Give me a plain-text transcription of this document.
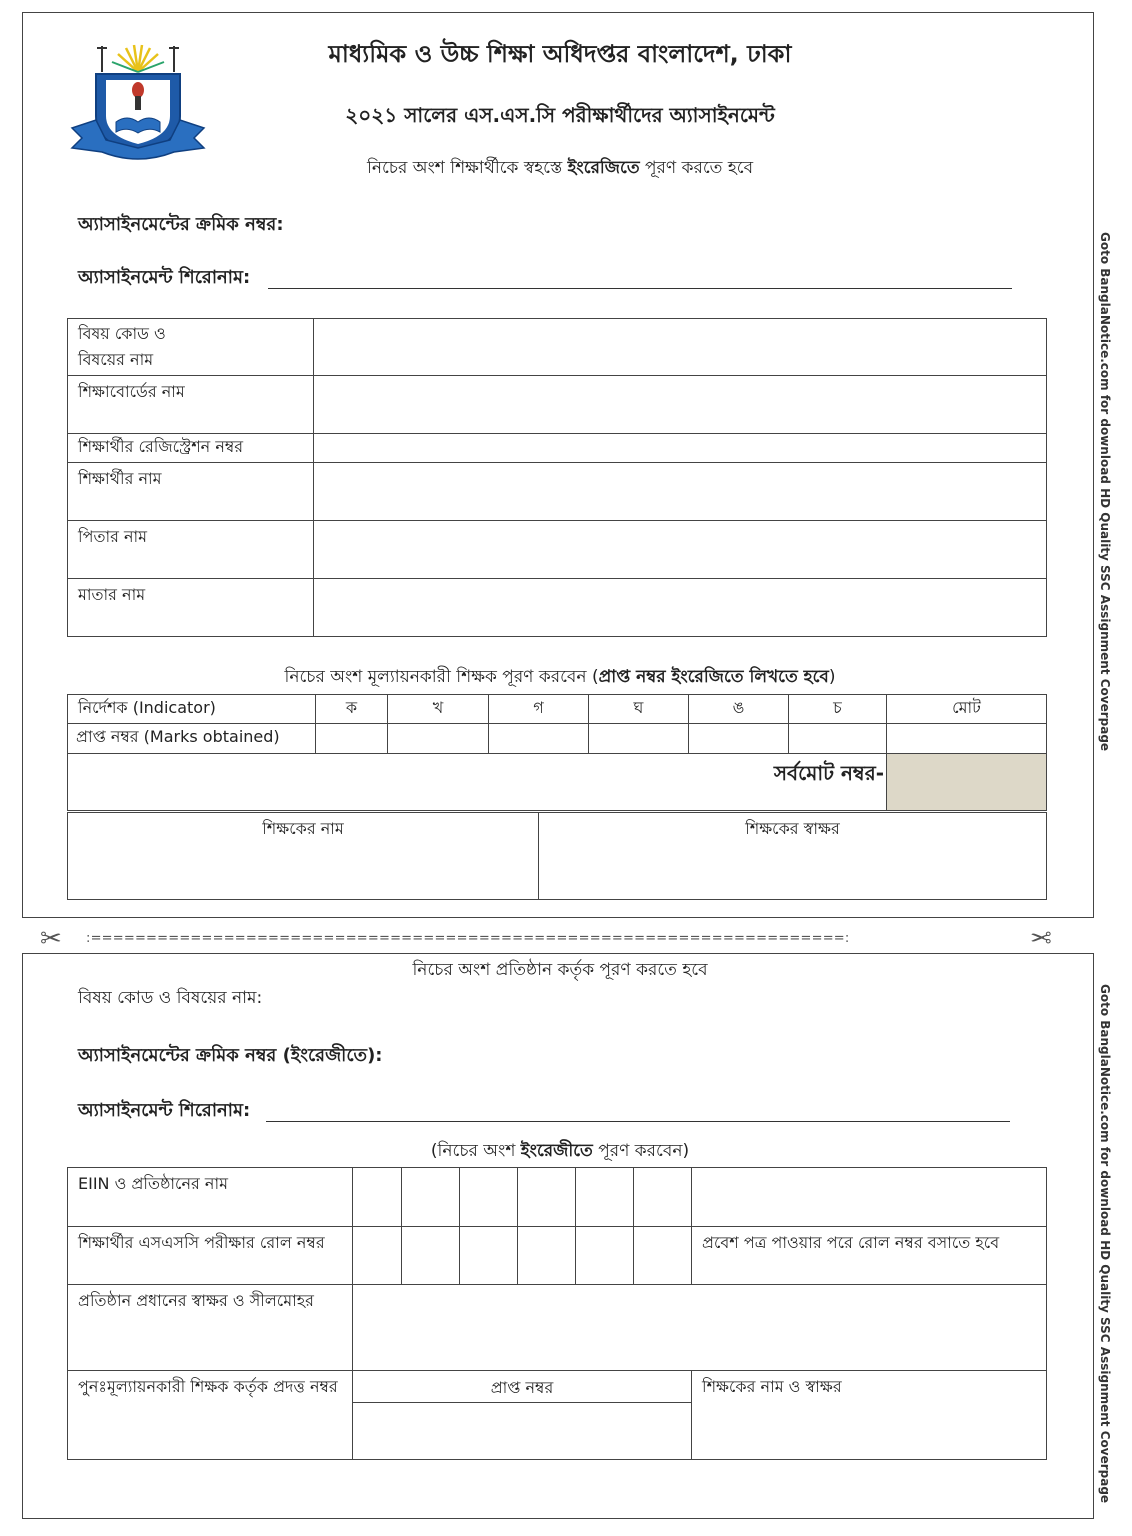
মাধ্যমিক ও উচ্চ শিক্ষা অধিদপ্তর বাংলাদেশ, ঢাকা
২০২১ সালের এস.এস.সি পরীক্ষার্থীদের অ্যাসাইনমেন্ট
নিচের অংশ শিক্ষার্থীকে স্বহস্তে ইংরেজিতে পূরণ করতে হবে
অ্যাসাইনমেন্টের ক্রমিক নম্বর:
অ্যাসাইনমেন্ট শিরোনাম:
বিষয় কোড ও
বিষয়ের নাম	

শিক্ষাবোর্ডের নাম	

শিক্ষার্থীর রেজিস্ট্রেশন নম্বর	

শিক্ষার্থীর নাম	

পিতার নাম	

মাতার নাম	

নিচের অংশ মূল্যায়নকারী শিক্ষক পূরণ করবেন (প্রাপ্ত নম্বর ইংরেজিতে লিখতে হবে)
নির্দেশক (Indicator)	ক	খ	গ	ঘ	ঙ	চ	মোট

প্রাপ্ত নম্বর (Marks obtained)							

সর্বমোট নম্বর-							
শিক্ষকের নাম	শিক্ষকের স্বাক্ষর
Goto BanglaNotice.com for download HD Quality SSC Assignment Coverpage
✂ :====================================================================:	✂
নিচের অংশ প্রতিষ্ঠান কর্তৃক পূরণ করতে হবে
বিষয় কোড ও বিষয়ের নাম:
অ্যাসাইনমেন্টের ক্রমিক নম্বর (ইংরেজীতে):
অ্যাসাইনমেন্ট শিরোনাম:
(নিচের অংশ ইংরেজীতে পূরণ করবেন)
EIIN ও প্রতিষ্ঠানের নাম							

শিক্ষার্থীর এসএসসি পরীক্ষার রোল নম্বর							প্রবেশ পত্র পাওয়ার পরে রোল নম্বর বসাতে হবে

প্রতিষ্ঠান প্রধানের স্বাক্ষর ও সীলমোহর							

পুনঃমূল্যায়নকারী শিক্ষক কর্তৃক প্রদত্ত নম্বর	প্রাপ্ত নম্বর	শিক্ষকের নাম ও স্বাক্ষর	Goto BanglaNotice.com for download HD Quality SSC Assignment Coverpage
